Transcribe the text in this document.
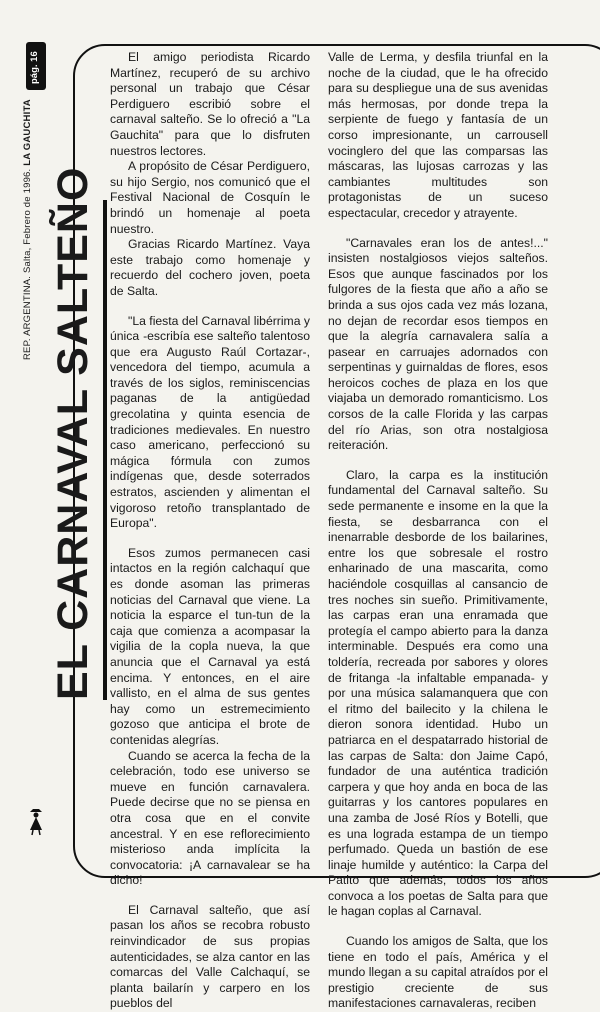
pág. 16
REP. ARGENTINA. Salta, Febrero de 1996. LA GAUCHITA
EL CARNAVAL SALTEÑO

El amigo periodista Ricardo Martínez, recuperó de su archivo personal un trabajo que César Perdiguero escribió sobre el carnaval salteño. Se lo ofreció a "La Gauchita" para que lo disfruten nuestros lectores.

A propósito de César Perdiguero, su hijo Sergio, nos comunicó que el Festival Nacional de Cosquín le brindó un homenaje al poeta nuestro.

Gracias Ricardo Martínez. Vaya este trabajo como homenaje y recuerdo del cochero joven, poeta de Salta.

"La fiesta del Carnaval libérrima y única -escribía ese salteño talentoso que era Augusto Raúl Cortazar-, vencedora del tiempo, acumula a través de los siglos, reminiscencias paganas de la antigüedad grecolatina y quinta esencia de tradiciones medievales. En nuestro caso americano, perfeccionó su mágica fórmula con zumos indígenas que, desde soterrados estratos, ascienden y alimentan el vigoroso retoño transplantado de Europa".

Esos zumos permanecen casi intactos en la región calchaquí que es donde asoman las primeras noticias del Carnaval que viene. La noticia la esparce el tun-tun de la caja que comienza a acompasar la vigilia de la copla nueva, la que anuncia que el Carnaval ya está encima. Y entonces, en el aire vallisto, en el alma de sus gentes hay como un estremecimiento gozoso que anticipa el brote de contenidas alegrías.

Cuando se acerca la fecha de la celebración, todo ese universo se mueve en función carnavalera. Puede decirse que no se piensa en otra cosa que en el convite ancestral. Y en ese reflorecimiento misterioso anda implícita la convocatoria: ¡A carnavalear se ha dicho!

El Carnaval salteño, que así pasan los años se recobra robusto reinvindicador de sus propias autenticidades, se alza cantor en las comarcas del Valle Calchaquí, se planta bailarín y carpero en los pueblos del

Valle de Lerma, y desfila triunfal en la noche de la ciudad, que le ha ofrecido para su despliegue una de sus avenidas más hermosas, por donde trepa la serpiente de fuego y fantasía de un corso impresionante, un carrousell vocinglero del que las comparsas las máscaras, las lujosas carrozas y las cambiantes multitudes son protagonistas de un suceso espectacular, crecedor y atrayente.

"Carnavales eran los de antes!..." insisten nostalgiosos viejos salteños. Esos que aunque fascinados por los fulgores de la fiesta que año a año se brinda a sus ojos cada vez más lozana, no dejan de recordar esos tiempos en que la alegría carnavalera salía a pasear en carruajes adornados con serpentinas y guirnaldas de flores, esos heroicos coches de plaza en los que viajaba un demorado romanticismo. Los corsos de la calle Florida y las carpas del río Arias, son otra nostalgiosa reiteración.

Claro, la carpa es la institución fundamental del Carnaval salteño. Su sede permanente e insome en la que la fiesta, se desbarranca con el inenarrable desborde de los bailarines, entre los que sobresale el rostro enharinado de una mascarita, como haciéndole cosquillas al cansancio de tres noches sin sueño. Primitivamente, las carpas eran una enramada que protegía el campo abierto para la danza interminable. Después era como una toldería, recreada por sabores y olores de fritanga -la infaltable empanada- y por una música salamanquera que con el ritmo del bailecito y la chilena le dieron sonora identidad. Hubo un patriarca en el despatarrado historial de las carpas de Salta: don Jaime Capó, fundador de una auténtica tradición carpera y que hoy anda en boca de las guitarras y los cantores populares en una zamba de José Ríos y Botelli, que es una lograda estampa de un tiempo perfumado. Queda un bastión de ese linaje humilde y auténtico: la Carpa del Patito que además, todos los años convoca a los poetas de Salta para que le hagan coplas al Carnaval.

Cuando los amigos de Salta, que los tiene en todo el país, América y el mundo llegan a su capital atraídos por el prestigio creciente de sus manifestaciones carnavaleras, reciben
